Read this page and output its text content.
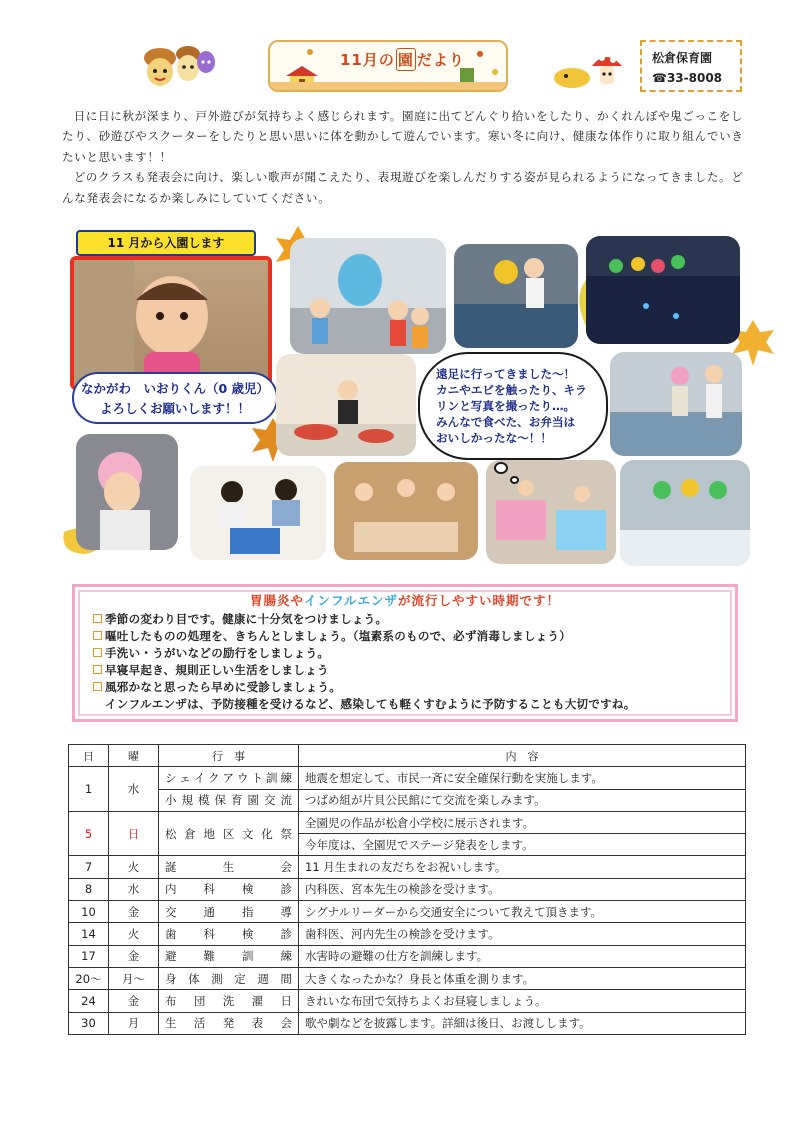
11月の 園 だより	松倉保育園
☎33-8008

日に日に秋が深まり、戸外遊びが気持ちよく感じられます。園庭に出てどんぐり拾いをしたり、かくれんぼや鬼ごっこをしたり、砂遊びやスクーターをしたりと思い思いに体を動かして遊んでいます。寒い冬に向け、健康な体作りに取り組んでいきたいと思います！！

どのクラスも発表会に向け、楽しい歌声が聞こえたり、表現遊びを楽しんだりする姿が見られるようになってきました。どんな発表会になるか楽しみにしていてください。

11 月から入園します
なかがわ　いおりくん（0 歳児）
よろしくお願いします！！
遠足に行ってきました～！
カニやエビを触ったり、キラ
リンと写真を撮ったり…。
みんなで食べた、お弁当は
おいしかったな～！！
胃腸炎やインフルエンザが流行しやすい時期です！
季節の変わり目です。健康に十分気をつけましょう。
嘔吐したものの処理を、きちんとしましょう。（塩素系のもので、必ず消毒しましょう）
手洗い・うがいなどの励行をしましょう。
早寝早起き、規則正しい生活をしましょう
風邪かなと思ったら早めに受診しましょう。
インフルエンザは、予防接種を受けるなど、感染しても軽くすむように予防することも大切ですね。
日	曜	行　事	内　容
1	水	シェイクアウト訓練	地震を想定して、市民一斉に安全確保行動を実施します。
		小規模保育園交流	つばめ組が片貝公民館にて交流を楽しみます。
5	日	松倉地区文化祭	全園児の作品が松倉小学校に展示されます。
			今年度は、全園児でステージ発表をします。
7	火	誕生会	11 月生まれの友だちをお祝いします。
8	水	内科検診	内科医、宮本先生の検診を受けます。
10	金	交通指導	シグナルリーダーから交通安全について教えて頂きます。
14	火	歯科検診	歯科医、河内先生の検診を受けます。
17	金	避難訓練	水害時の避難の仕方を訓練します。
20～	月～	身体測定週間	大きくなったかな？身長と体重を測ります。
24	金	布団洗濯日	きれいな布団で気持ちよくお昼寝しましょう。
30	月	生活発表会	歌や劇などを披露します。詳細は後日、お渡しします。
